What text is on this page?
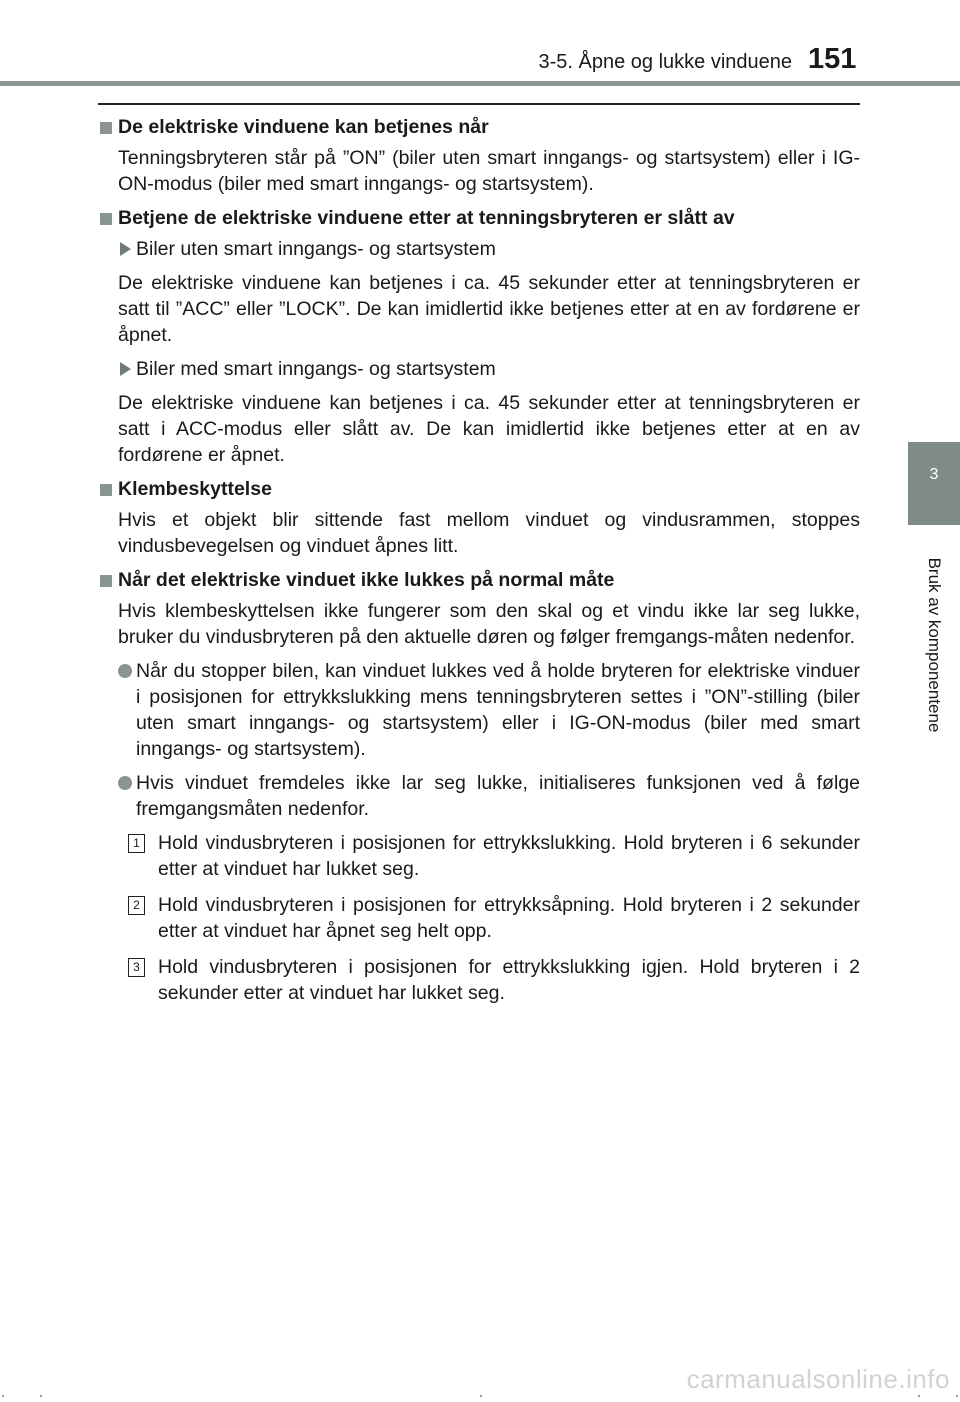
3-5. Åpne og lukke vinduene 151
3
Bruk av komponentene
De elektriske vinduene kan betjenes når
Tenningsbryteren står på ”ON” (biler uten smart inngangs- og startsystem) eller i IG-ON-modus (biler med smart inngangs- og startsystem).
Betjene de elektriske vinduene etter at tenningsbryteren er slått av
Biler uten smart inngangs- og startsystem
De elektriske vinduene kan betjenes i ca. 45 sekunder etter at tenningsbryteren er satt til ”ACC” eller ”LOCK”. De kan imidlertid ikke betjenes etter at en av fordørene er åpnet.
Biler med smart inngangs- og startsystem
De elektriske vinduene kan betjenes i ca. 45 sekunder etter at tenningsbryteren er satt i ACC-modus eller slått av. De kan imidlertid ikke betjenes etter at en av fordørene er åpnet.
Klembeskyttelse
Hvis et objekt blir sittende fast mellom vinduet og vindusrammen, stoppes vindusbevegelsen og vinduet åpnes litt.
Når det elektriske vinduet ikke lukkes på normal måte
Hvis klembeskyttelsen ikke fungerer som den skal og et vindu ikke lar seg lukke, bruker du vindusbryteren på den aktuelle døren og følger fremgangs-måten nedenfor.
Når du stopper bilen, kan vinduet lukkes ved å holde bryteren for elektriske vinduer i posisjonen for ettrykkslukking mens tenningsbryteren settes i ”ON”-stilling (biler uten smart inngangs- og startsystem) eller i IG-ON-modus (biler med smart inngangs- og startsystem).
Hvis vinduet fremdeles ikke lar seg lukke, initialiseres funksjonen ved å følge fremgangsmåten nedenfor.
1 Hold vindusbryteren i posisjonen for ettrykkslukking. Hold bryteren i 6 sekunder etter at vinduet har lukket seg.
2 Hold vindusbryteren i posisjonen for ettrykksåpning. Hold bryteren i 2 sekunder etter at vinduet har åpnet seg helt opp.
3 Hold vindusbryteren i posisjonen for ettrykkslukking igjen. Hold bryteren i 2 sekunder etter at vinduet har lukket seg.
carmanualsonline.info
